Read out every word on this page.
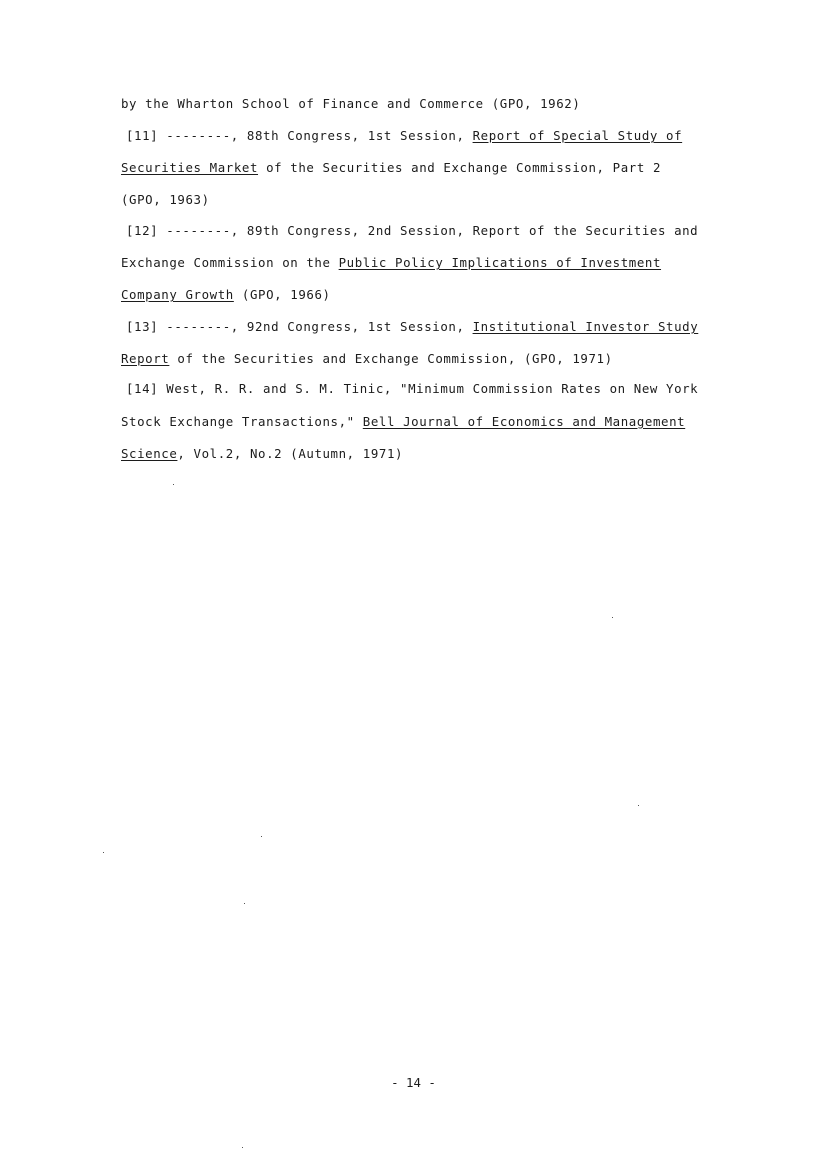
by the Wharton School of Finance and Commerce (GPO, 1962)
[11] --------, 88th Congress, 1st Session, Report of Special Study of
Securities Market of the Securities and Exchange Commission, Part 2
(GPO, 1963)
[12] --------, 89th Congress, 2nd Session, Report of the Securities and
Exchange Commission on the Public Policy Implications of Investment
Company Growth (GPO, 1966)
[13] --------, 92nd Congress, 1st Session, Institutional Investor Study
Report of the Securities and Exchange Commission, (GPO, 1971)
[14] West, R. R. and S. M. Tinic, "Minimum Commission Rates on New York
Stock Exchange Transactions," Bell Journal of Economics and Management
Science, Vol.2, No.2 (Autumn, 1971)
- 14 -
